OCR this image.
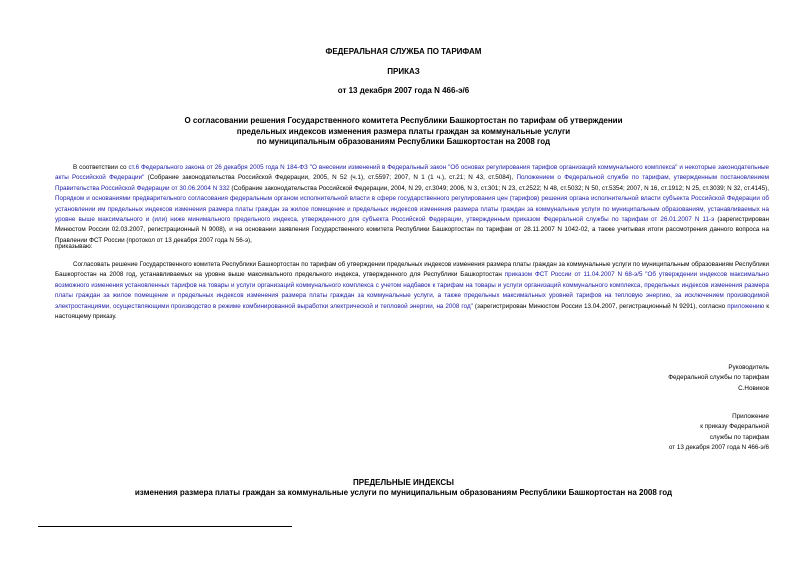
ФЕДЕРАЛЬНАЯ СЛУЖБА ПО ТАРИФАМ
ПРИКАЗ
от 13 декабря 2007 года N 466-э/6
О согласовании решения Государственного комитета Республики Башкортостан по тарифам об утверждении
предельных индексов изменения размера платы граждан за коммунальные услуги
по муниципальным образованиям Республики Башкортостан на 2008 год
В соответствии со ст.6 Федерального закона от 26 декабря 2005 года N 184-ФЗ "О внесении изменений в Федеральный закон "Об основах регулирования тарифов организаций коммунального комплекса" и некоторые законодательные акты Российской Федерации" (Собрание законодательства Российской Федерации, 2005, N 52 (ч.1), ст.5597; 2007, N 1 (1 ч.), ст.21; N 43, ст.5084), Положением о Федеральной службе по тарифам, утвержденным постановлением Правительства Российской Федерации от 30.06.2004 N 332 (Собрание законодательства Российской Федерации, 2004, N 29, ст.3049; 2006, N 3, ст.301; N 23, ст.2522; N 48, ст.5032; N 50, ст.5354; 2007, N 16, ст.1912; N 25, ст.3039; N 32, ст.4145), Порядком и основаниями предварительного согласования федеральным органом исполнительной власти в сфере государственного регулирования цен (тарифов) решения органа исполнительной власти субъекта Российской Федерации об установлении им предельных индексов изменения размера платы граждан за жилое помещение и предельных индексов изменения размера платы граждан за коммунальные услуги по муниципальным образованиям, устанавливаемых на уровне выше максимального и (или) ниже минимального предельного индекса, утвержденного для субъекта Российской Федерации, утвержденным приказом Федеральной службы по тарифам от 26.01.2007 N 11-э (зарегистрирован Минюстом России 02.03.2007, регистрационный N 9008), и на основании заявления Государственного комитета Республики Башкортостан по тарифам от 28.11.2007 N 1042-02, а также учитывая итоги рассмотрения данного вопроса на Правлении ФСТ России (протокол от 13 декабря 2007 года N 56-э),
приказываю:
Согласовать решение Государственного комитета Республики Башкортостан по тарифам об утверждении предельных индексов изменения размера платы граждан за коммунальные услуги по муниципальным образованиям Республики Башкортостан на 2008 год, устанавливаемых на уровне выше максимального предельного индекса, утвержденного для Республики Башкортостан приказом ФСТ России от 11.04.2007 N 68-э/5 "Об утверждении индексов максимально возможного изменения установленных тарифов на товары и услуги организаций коммунального комплекса с учетом надбавок к тарифам на товары и услуги организаций коммунального комплекса, предельных индексов изменения размера платы граждан за жилое помещение и предельных индексов изменения размера платы граждан за коммунальные услуги, а также предельных максимальных уровней тарифов на тепловую энергию, за исключением производимой электростанциями, осуществляющими производство в режиме комбинированной выработки электрической и тепловой энергии, на 2008 год" (зарегистрирован Минюстом России 13.04.2007, регистрационный N 9291), согласно приложению к настоящему приказу.
Руководитель
Федеральной службы по тарифам
С.Новиков
Приложение
к приказу Федеральной
службы по тарифам
от 13 декабря 2007 года N 466-э/6
ПРЕДЕЛЬНЫЕ ИНДЕКСЫ
изменения размера платы граждан за коммунальные услуги по муниципальным образованиям Республики Башкортостан на 2008 год
